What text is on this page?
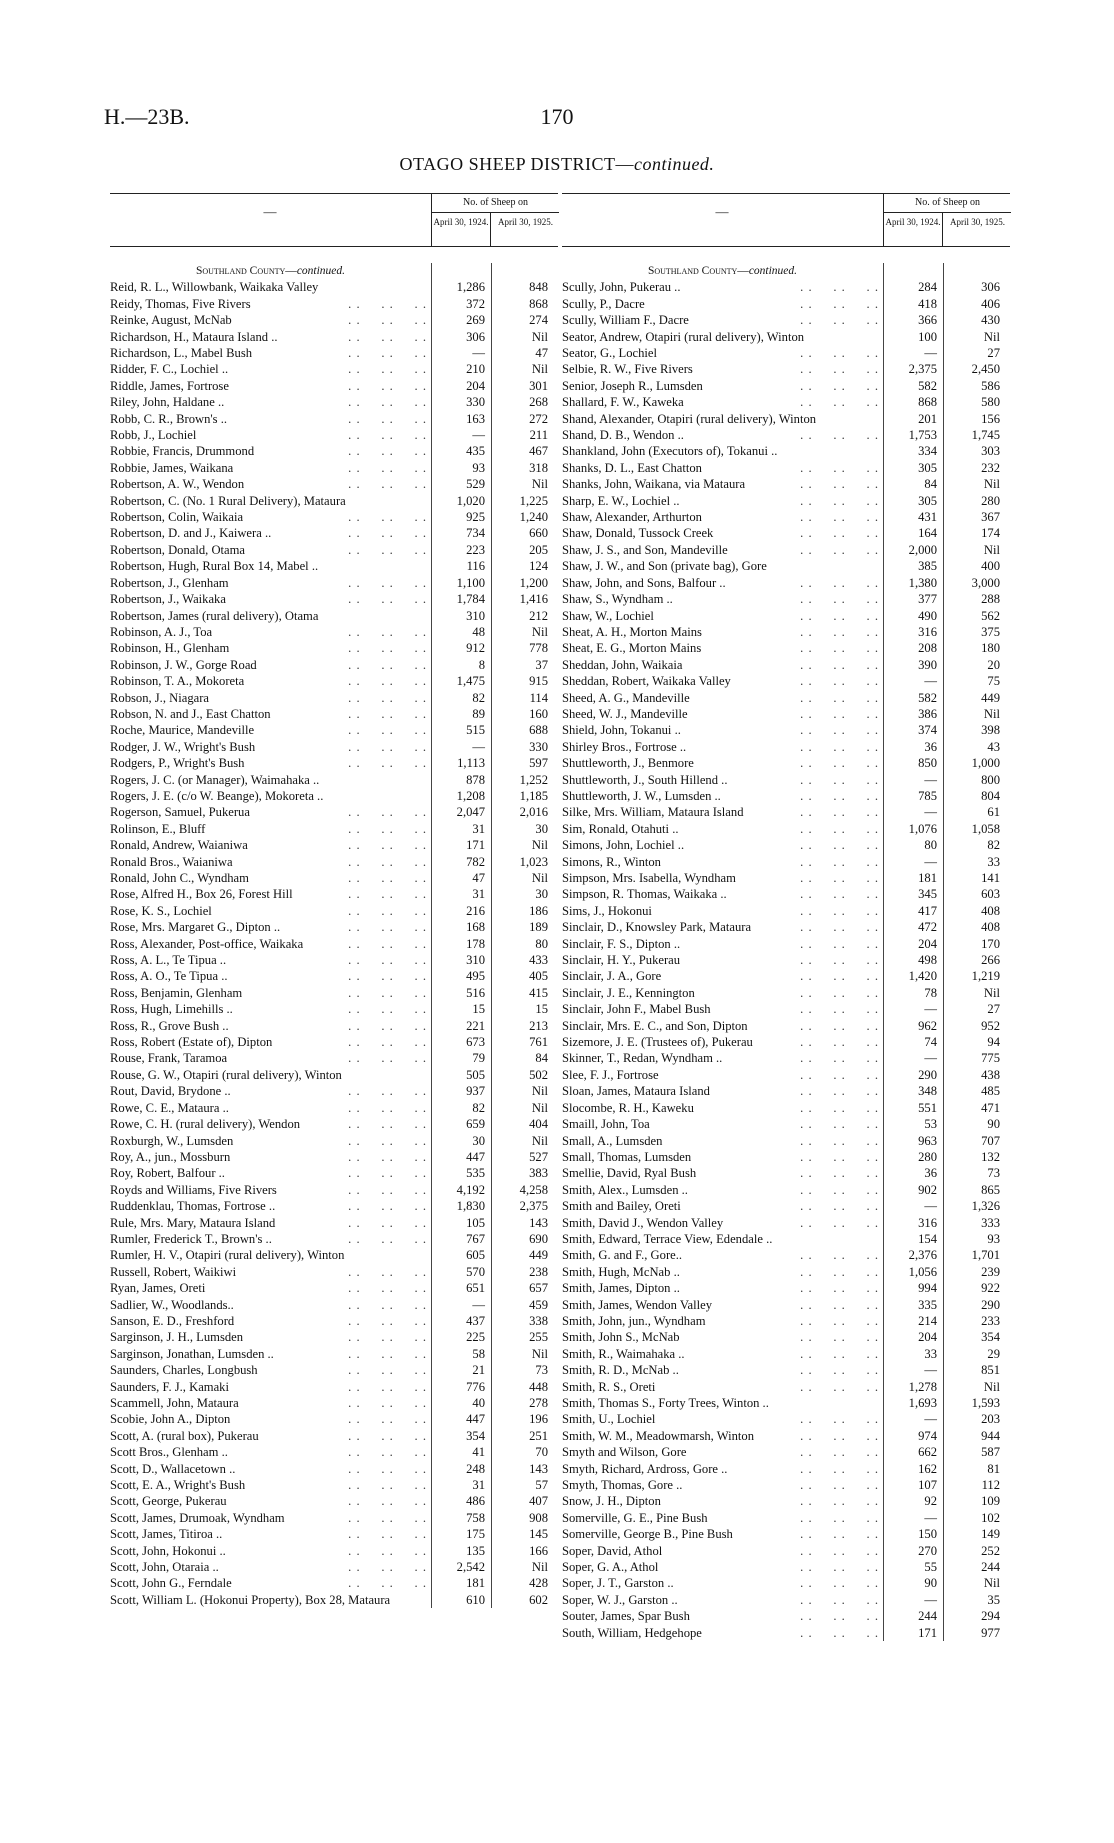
H.—23B.	170
OTAGO SHEEP DISTRICT—continued.
—
No. of Sheep on
April 30, 1924.	April 30, 1925.
Southland County—continued.
Reid, R. L., Willowbank, Waikaka Valley	1,286	848
Reidy, Thomas, Five Rivers . .	372	868
Reinke, August, McNab . .	269	274
Richardson, H., Mataura Island .. . .	306	Nil
Richardson, L., Mabel Bush . .	—	47
Ridder, F. C., Lochiel .. . .	210	Nil
Riddle, James, Fortrose . .	204	301
Riley, John, Haldane .. . .	330	268
Robb, C. R., Brown's .. . .	163	272
Robb, J., Lochiel . .	—	211
Robbie, Francis, Drummond . .	435	467
Robbie, James, Waikana . .	93	318
Robertson, A. W., Wendon . .	529	Nil
Robertson, C. (No. 1 Rural Delivery), Mataura	1,020	1,225
Robertson, Colin, Waikaia . .	925	1,240
Robertson, D. and J., Kaiwera .. . .	734	660
Robertson, Donald, Otama . .	223	205
Robertson, Hugh, Rural Box 14, Mabel ..	116	124
Robertson, J., Glenham . .	1,100	1,200
Robertson, J., Waikaka . .	1,784	1,416
Robertson, James (rural delivery), Otama	310	212
Robinson, A. J., Toa . .	48	Nil
Robinson, H., Glenham . .	912	778
Robinson, J. W., Gorge Road . .	8	37
Robinson, T. A., Mokoreta . .	1,475	915
Robson, J., Niagara . .	82	114
Robson, N. and J., East Chatton . .	89	160
Roche, Maurice, Mandeville . .	515	688
Rodger, J. W., Wright's Bush . .	—	330
Rodgers, P., Wright's Bush . .	1,113	597
Rogers, J. C. (or Manager), Waimahaka ..	878	1,252
Rogers, J. E. (c/o W. Beange), Mokoreta ..	1,208	1,185
Rogerson, Samuel, Pukerua . .	2,047	2,016
Rolinson, E., Bluff . .	31	30
Ronald, Andrew, Waianiwa . .	171	Nil
Ronald Bros., Waianiwa . .	782	1,023
Ronald, John C., Wyndham . .	47	Nil
Rose, Alfred H., Box 26, Forest Hill . .	31	30
Rose, K. S., Lochiel . .	216	186
Rose, Mrs. Margaret G., Dipton .. . .	168	189
Ross, Alexander, Post-office, Waikaka . .	178	80
Ross, A. L., Te Tipua .. . .	310	433
Ross, A. O., Te Tipua .. . .	495	405
Ross, Benjamin, Glenham . .	516	415
Ross, Hugh, Limehills .. . .	15	15
Ross, R., Grove Bush .. . .	221	213
Ross, Robert (Estate of), Dipton . .	673	761
Rouse, Frank, Taramoa . .	79	84
Rouse, G. W., Otapiri (rural delivery), Winton	505	502
Rout, David, Brydone .. . .	937	Nil
Rowe, C. E., Mataura .. . .	82	Nil
Rowe, C. H. (rural delivery), Wendon . .	659	404
Roxburgh, W., Lumsden . .	30	Nil
Roy, A., jun., Mossburn . .	447	527
Roy, Robert, Balfour .. . .	535	383
Royds and Williams, Five Rivers . .	4,192	4,258
Ruddenklau, Thomas, Fortrose .. . .	1,830	2,375
Rule, Mrs. Mary, Mataura Island . .	105	143
Rumler, Frederick T., Brown's .. . .	767	690
Rumler, H. V., Otapiri (rural delivery), Winton	605	449
Russell, Robert, Waikiwi . .	570	238
Ryan, James, Oreti . .	651	657
Sadlier, W., Woodlands.. . .	—	459
Sanson, E. D., Freshford . .	437	338
Sarginson, J. H., Lumsden . .	225	255
Sarginson, Jonathan, Lumsden .. . .	58	Nil
Saunders, Charles, Longbush . .	21	73
Saunders, F. J., Kamaki . .	776	448
Scammell, John, Mataura . .	40	278
Scobie, John A., Dipton . .	447	196
Scott, A. (rural box), Pukerau . .	354	251
Scott Bros., Glenham .. . .	41	70
Scott, D., Wallacetown .. . .	248	143
Scott, E. A., Wright's Bush . .	31	57
Scott, George, Pukerau . .	486	407
Scott, James, Drumoak, Wyndham . .	758	908
Scott, James, Titiroa .. . .	175	145
Scott, John, Hokonui .. . .	135	166
Scott, John, Otaraia .. . .	2,542	Nil
Scott, John G., Ferndale . .	181	428
Scott, William L. (Hokonui Property), Box 28, Mataura	610	602
—
No. of Sheep on
April 30, 1924.	April 30, 1925.
Southland County—continued.
Scully, John, Pukerau .. . .	284	306
Scully, P., Dacre . .	418	406
Scully, William F., Dacre . .	366	430
Seator, Andrew, Otapiri (rural delivery), Winton	100	Nil
Seator, G., Lochiel . .	—	27
Selbie, R. W., Five Rivers . .	2,375	2,450
Senior, Joseph R., Lumsden . .	582	586
Shallard, F. W., Kaweka . .	868	580
Shand, Alexander, Otapiri (rural delivery), Winton	201	156
Shand, D. B., Wendon .. . .	1,753	1,745
Shankland, John (Executors of), Tokanui ..	334	303
Shanks, D. L., East Chatton . .	305	232
Shanks, John, Waikana, via Mataura . .	84	Nil
Sharp, E. W., Lochiel .. . .	305	280
Shaw, Alexander, Arthurton . .	431	367
Shaw, Donald, Tussock Creek . .	164	174
Shaw, J. S., and Son, Mandeville . .	2,000	Nil
Shaw, J. W., and Son (private bag), Gore	385	400
Shaw, John, and Sons, Balfour .. . .	1,380	3,000
Shaw, S., Wyndham .. . .	377	288
Shaw, W., Lochiel . .	490	562
Sheat, A. H., Morton Mains . .	316	375
Sheat, E. G., Morton Mains . .	208	180
Sheddan, John, Waikaia . .	390	20
Sheddan, Robert, Waikaka Valley . .	—	75
Sheed, A. G., Mandeville . .	582	449
Sheed, W. J., Mandeville . .	386	Nil
Shield, John, Tokanui .. . .	374	398
Shirley Bros., Fortrose .. . .	36	43
Shuttleworth, J., Benmore . .	850	1,000
Shuttleworth, J., South Hillend .. . .	—	800
Shuttleworth, J. W., Lumsden .. . .	785	804
Silke, Mrs. William, Mataura Island . .	—	61
Sim, Ronald, Otahuti .. . .	1,076	1,058
Simons, John, Lochiel .. . .	80	82
Simons, R., Winton . .	—	33
Simpson, Mrs. Isabella, Wyndham . .	181	141
Simpson, R. Thomas, Waikaka .. . .	345	603
Sims, J., Hokonui . .	417	408
Sinclair, D., Knowsley Park, Mataura . .	472	408
Sinclair, F. S., Dipton .. . .	204	170
Sinclair, H. Y., Pukerau . .	498	266
Sinclair, J. A., Gore . .	1,420	1,219
Sinclair, J. E., Kennington . .	78	Nil
Sinclair, John F., Mabel Bush . .	—	27
Sinclair, Mrs. E. C., and Son, Dipton . .	962	952
Sizemore, J. E. (Trustees of), Pukerau . .	74	94
Skinner, T., Redan, Wyndham .. . .	—	775
Slee, F. J., Fortrose . .	290	438
Sloan, James, Mataura Island . .	348	485
Slocombe, R. H., Kaweku . .	551	471
Smaill, John, Toa . .	53	90
Small, A., Lumsden . .	963	707
Small, Thomas, Lumsden . .	280	132
Smellie, David, Ryal Bush . .	36	73
Smith, Alex., Lumsden .. . .	902	865
Smith and Bailey, Oreti . .	—	1,326
Smith, David J., Wendon Valley . .	316	333
Smith, Edward, Terrace View, Edendale ..	154	93
Smith, G. and F., Gore.. . .	2,376	1,701
Smith, Hugh, McNab .. . .	1,056	239
Smith, James, Dipton .. . .	994	922
Smith, James, Wendon Valley . .	335	290
Smith, John, jun., Wyndham . .	214	233
Smith, John S., McNab . .	204	354
Smith, R., Waimahaka .. . .	33	29
Smith, R. D., McNab .. . .	—	851
Smith, R. S., Oreti . .	1,278	Nil
Smith, Thomas S., Forty Trees, Winton ..	1,693	1,593
Smith, U., Lochiel . .	—	203
Smith, W. M., Meadowmarsh, Winton . .	974	944
Smyth and Wilson, Gore . .	662	587
Smyth, Richard, Ardross, Gore .. . .	162	81
Smyth, Thomas, Gore .. . .	107	112
Snow, J. H., Dipton . .	92	109
Somerville, G. E., Pine Bush . .	—	102
Somerville, George B., Pine Bush . .	150	149
Soper, David, Athol . .	270	252
Soper, G. A., Athol . .	55	244
Soper, J. T., Garston .. . .	90	Nil
Soper, W. J., Garston .. . .	—	35
Souter, James, Spar Bush . .	244	294
South, William, Hedgehope . .	171	977
